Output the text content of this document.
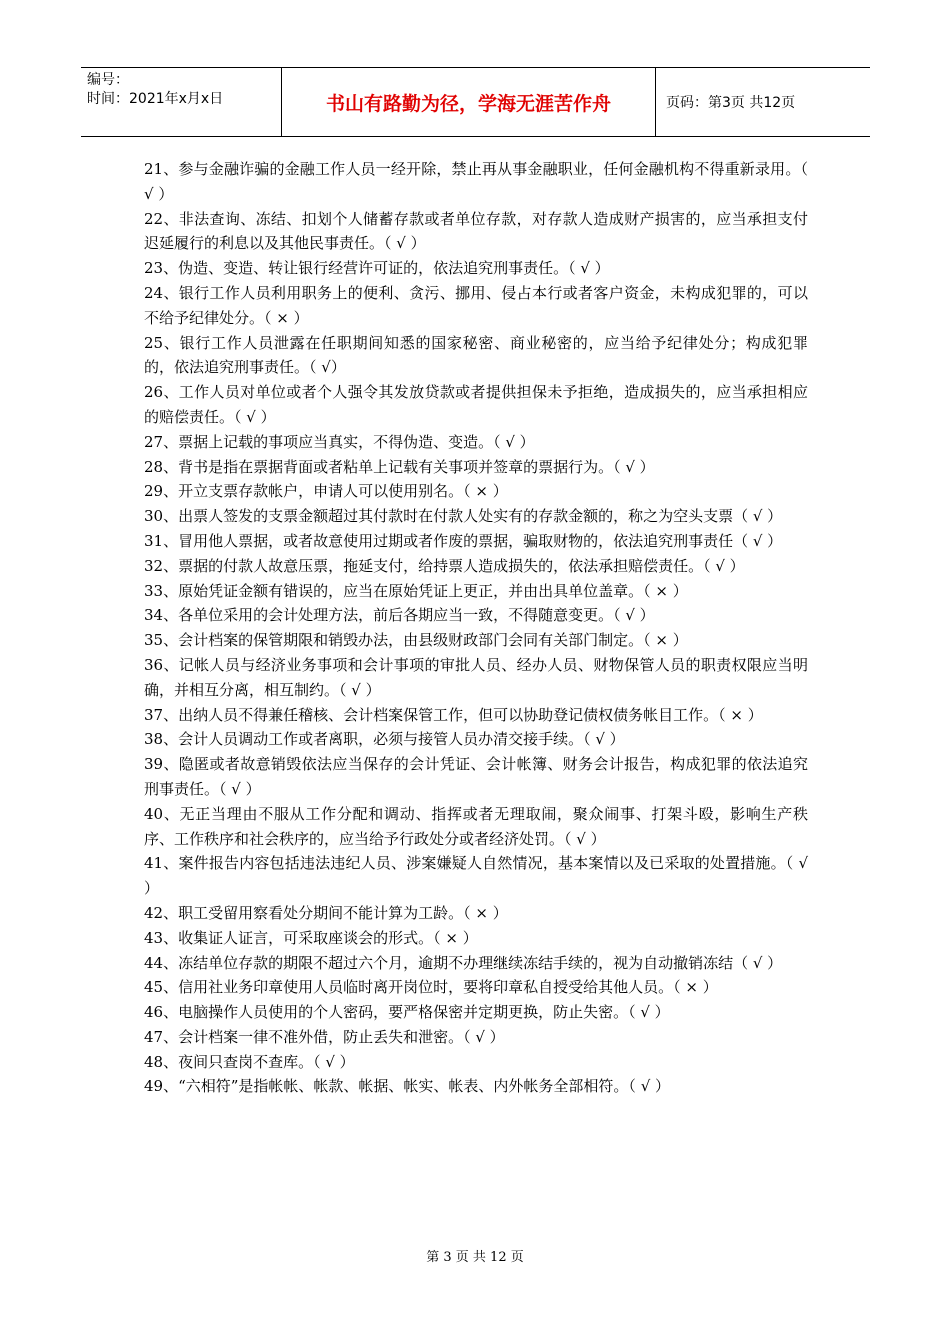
编号：
时间：2021年x月x日	书山有路勤为径，学海无涯苦作舟	页码：第3页 共12页
21、参与金融诈骗的金融工作人员一经开除，禁止再从事金融职业，任何金融机构不得重新录用。（ √ ）
22、非法查询、冻结、扣划个人储蓄存款或者单位存款，对存款人造成财产损害的，应当承担支付迟延履行的利息以及其他民事责任。（ √ ）
23、伪造、变造、转让银行经营许可证的，依法追究刑事责任。（ √ ）
24、银行工作人员利用职务上的便利、贪污、挪用、侵占本行或者客户资金，未构成犯罪的，可以不给予纪律处分。（ × ）
25、银行工作人员泄露在任职期间知悉的国家秘密、商业秘密的，应当给予纪律处分；构成犯罪的，依法追究刑事责任。（ √）
26、工作人员对单位或者个人强令其发放贷款或者提供担保未予拒绝，造成损失的，应当承担相应的赔偿责任。（ √ ）
27、票据上记载的事项应当真实，不得伪造、变造。（ √ ）
28、背书是指在票据背面或者粘单上记载有关事项并签章的票据行为。（ √ ）
29、开立支票存款帐户，申请人可以使用别名。（ × ）
30、出票人签发的支票金额超过其付款时在付款人处实有的存款金额的，称之为空头支票（ √ ）
31、冒用他人票据，或者故意使用过期或者作废的票据，骗取财物的，依法追究刑事责任（ √ ）
32、票据的付款人故意压票，拖延支付，给持票人造成损失的，依法承担赔偿责任。（ √ ）
33、原始凭证金额有错误的，应当在原始凭证上更正，并由出具单位盖章。（ × ）
34、各单位采用的会计处理方法，前后各期应当一致，不得随意变更。（ √ ）
35、会计档案的保管期限和销毁办法，由县级财政部门会同有关部门制定。（ × ）
36、记帐人员与经济业务事项和会计事项的审批人员、经办人员、财物保管人员的职责权限应当明确，并相互分离，相互制约。（ √ ）
37、出纳人员不得兼任稽核、会计档案保管工作，但可以协助登记债权债务帐目工作。（ × ）
38、会计人员调动工作或者离职，必须与接管人员办清交接手续。（ √ ）
39、隐匿或者故意销毁依法应当保存的会计凭证、会计帐簿、财务会计报告，构成犯罪的依法追究刑事责任。（ √ ）
40、无正当理由不服从工作分配和调动、指挥或者无理取闹，聚众闹事、打架斗殴，影响生产秩序、工作秩序和社会秩序的，应当给予行政处分或者经济处罚。（ √ ）
41、案件报告内容包括违法违纪人员、涉案嫌疑人自然情况，基本案情以及已采取的处置措施。（ √ ）
42、职工受留用察看处分期间不能计算为工龄。（ × ）
43、收集证人证言，可采取座谈会的形式。（ × ）
44、冻结单位存款的期限不超过六个月，逾期不办理继续冻结手续的，视为自动撤销冻结（ √ ）
45、信用社业务印章使用人员临时离开岗位时，要将印章私自授受给其他人员。（ × ）
46、电脑操作人员使用的个人密码，要严格保密并定期更换，防止失密。（ √ ）
47、会计档案一律不准外借，防止丢失和泄密。（ √ ）
48、夜间只查岗不查库。（ √ ）
49、“六相符”是指帐帐、帐款、帐据、帐实、帐表、内外帐务全部相符。（ √ ）
第 3 页 共 12 页
